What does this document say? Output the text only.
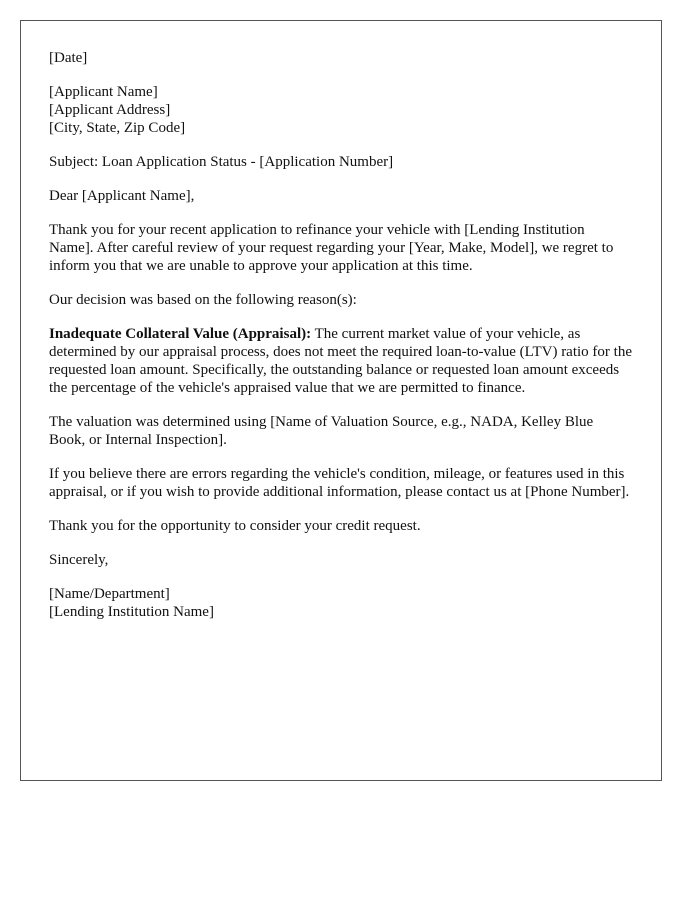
[Date]

[Applicant Name]
[Applicant Address]
[City, State, Zip Code]

Subject: Loan Application Status - [Application Number]

Dear [Applicant Name],

Thank you for your recent application to refinance your vehicle with [Lending Institution Name]. After careful review of your request regarding your [Year, Make, Model], we regret to inform you that we are unable to approve your application at this time.

Our decision was based on the following reason(s):

Inadequate Collateral Value (Appraisal): The current market value of your vehicle, as determined by our appraisal process, does not meet the required loan-to-value (LTV) ratio for the requested loan amount. Specifically, the outstanding balance or requested loan amount exceeds the percentage of the vehicle's appraised value that we are permitted to finance.

The valuation was determined using [Name of Valuation Source, e.g., NADA, Kelley Blue Book, or Internal Inspection].

If you believe there are errors regarding the vehicle's condition, mileage, or features used in this appraisal, or if you wish to provide additional information, please contact us at [Phone Number].

Thank you for the opportunity to consider your credit request.

Sincerely,

[Name/Department]
[Lending Institution Name]
